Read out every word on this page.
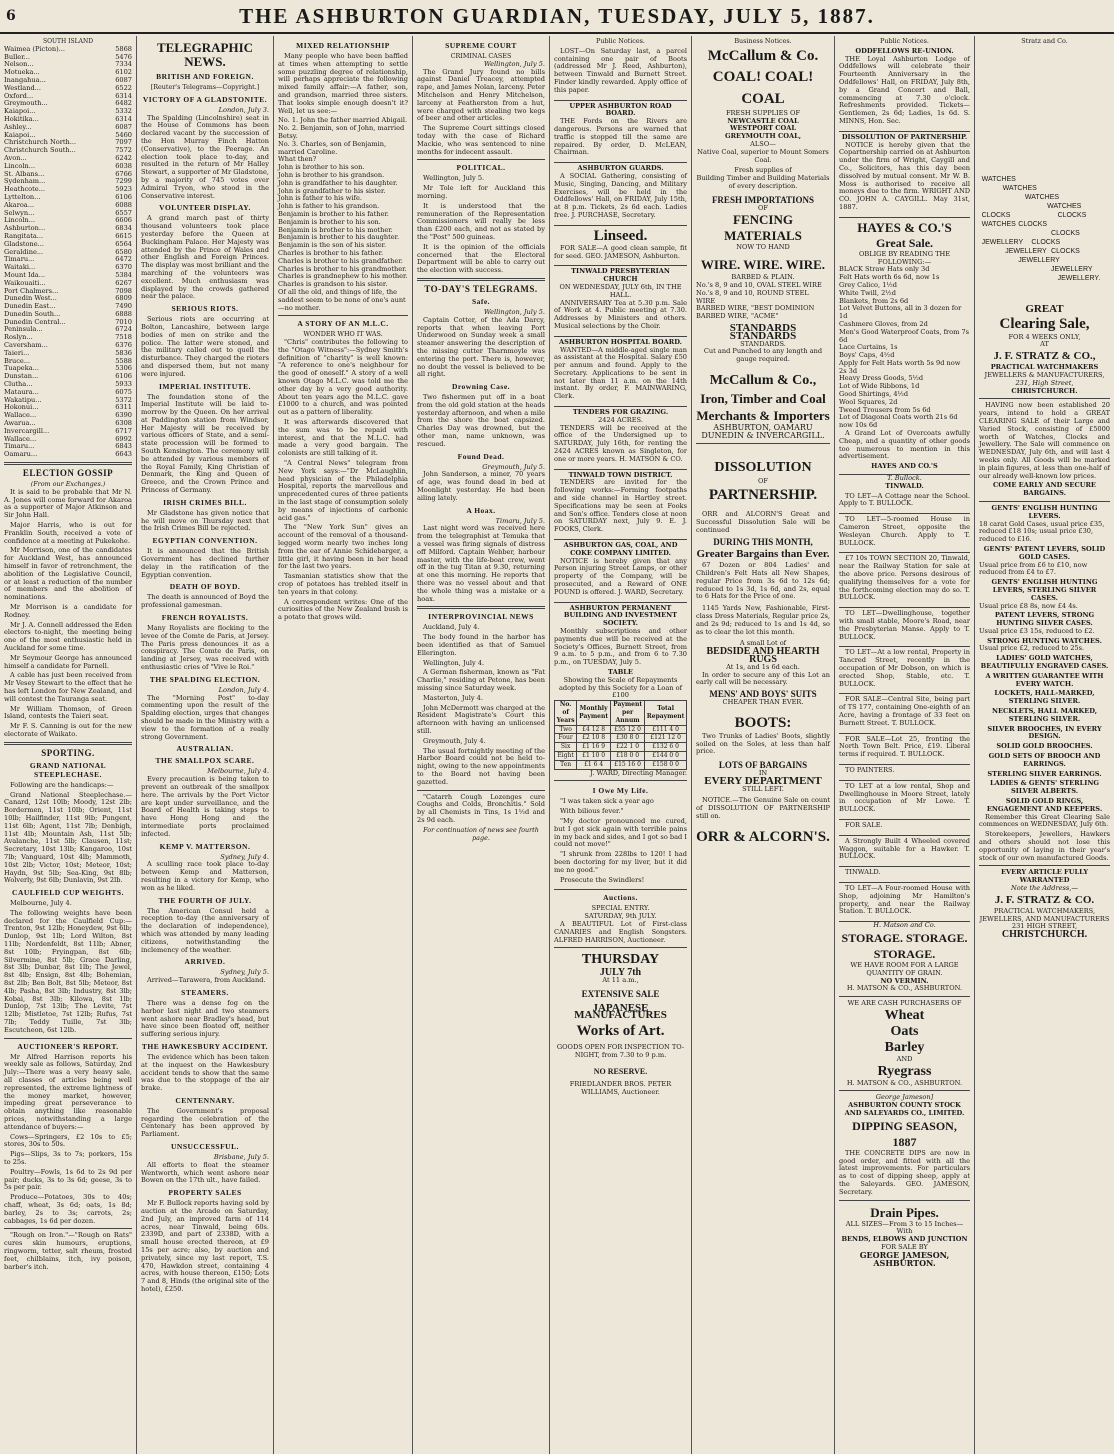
6	THE ASHBURTON GUARDIAN, TUESDAY, JULY 5, 1887.
SOUTH ISLAND
Waimea (Picton)...	5868
Buller...	5476
Nelson...	7334
Motueka...	6102
Inangahua...	6087
Westland...	6522
Oxford...	6314
Greymouth...	6482
Kaiapoi...	5332
Hokitika...	6314
Ashley...	6087
Kaiapoi...	5460
Christchurch North...	7097
Christchurch South...	7572
Avon...	6242
Lincoln...	6038
St. Albans...	6766
Sydenham...	7299
Heathcote...	5923
Lyttelton...	6106
Akaroa...	6088
Selwyn...	6557
Lincoln...	6606
Ashburton...	6834
Rangitata...	6615
Gladstone...	6564
Geraldine...	6580
Timaru...	6472
Waitaki...	6370
Mount Ida...	5384
Waikouaiti...	6267
Port Chalmers...	7098
Dunedin West...	6809
Dunedin East...	7490
Dunedin South...	6888
Dunedin Central...	7010
Peninsula...	6724
Roslyn...	7518
Caversham...	6376
Taieri...	5836
Bruce...	5588
Tuapeka...	5306
Dunstan...	6106
Clutha...	5933
Mataura...	6075
Wakatipu...	5372
Hokonui...	6311
Wallace...	6390
Awarua...	6308
Invercargill...	6717
Wallace...	6992
Timaru...	6843
Oamaru...	6643
ELECTION GOSSIP
(From our Exchanges.)

It is said to be probable that Mr N. A. Jones will come forward for Akaroa as a supporter of Major Atkinson and Sir John Hall.

Major Harris, who is out for Franklin South, received a vote of confidence at a meeting at Pukekohe.

Mr Morrison, one of the candidates for Auckland West, has announced himself in favor of retrenchment, the abolition of the Legislative Council, or at least a reduction of the number of members and the abolition of nominations.

Mr Morrison is a candidate for Rodney.

Mr J. A. Connell addressed the Eden electors to-night, the meeting being one of the most enthusiastic held in Auckland for some time.

Mr Seymour George has announced himself a candidate for Parnell.

A cable has just been received from Mr Vesey Stewart to the effect that he has left London for New Zealand, and will contest the Tauranga seat.

Mr William Thomson, of Green Island, contests the Taieri seat.

Mr F. S. Canning is out for the new electorate of Waikato.

SPORTING.
GRAND NATIONAL STEEPLECHASE.

Following are the handicaps:—

Grand National Steeplechase.—Canard, 12st 10lb; Moody, 12st 2lb; Bordermen, 11st 10lb; Orient, 11st 10lb; Hailfinder, 11st 9lb; Pungent, 11st 6lb; Agent, 11st 7lb; Denbigh, 11st 4lb; Mountain Ash, 11st 5lb; Avalanche, 11st 5lb; Clausen, 11st; Secretary, 10st 13lb; Kangaroo, 10st 7lb; Vanguard, 10st 4lb; Mammoth, 10st 2lb; Victor, 10st; Meteor, 10st; Haydn, 9st 5lb; Sea-King, 9st 8lb; Wolverly, 9st 6lb; Dunlavin, 9st 2lb.

CAULFIELD CUP WEIGHTS.

Melbourne, July 4.

The following weights have been declared for the Caulfield Cup:—Trenton, 9st 12lb; Honeydew, 9st 6lb; Dunlop, 9st 1lb; Lord Wilton, 8st 11lb; Nordenfeldt, 8st 11lb; Abner, 8st 10lb; Fryingpan, 8st 6lb; Silvermine, 8st 5lb; Grace Darling, 8st 3lb; Dunbar, 8st 1lb; The Jewel, 8st 4lb; Ensign, 8st 4lb; Bohemian, 8st 2lb; Ben Bolt, 8st 5lb; Meteor, 8st 4lb; Pasha, 8st 3lb; Industry, 8st 3lb; Kobai, 8st 3lb; Kilowa, 8st 1lb; Dunlop, 7st 13lb; The Levite, 7st 12lb; Mistletoe, 7st 12lb; Rufus, 7st 7lb; Teddy Tuille, 7st 3lb; Escutcheon, 6st 12lb.

AUCTIONEER'S REPORT.

Mr Alfred Harrison reports his weekly sale as follows, Saturday, 2nd July:—There was a very heavy sale, all classes of articles being well represented, the extreme lightness of the money market, however, impeding great perseverance to obtain anything like reasonable prices, notwithstanding a large attendance of buyers:—

Cows—Springers, £2 10s to £5; stores, 30s to 50s.

Pigs—Slips, 3s to 7s; porkers, 15s to 25s.

Poultry—Fowls, 1s 6d to 2s 9d per pair; ducks, 3s to 3s 6d; geese, 3s to 5s per pair.

Produce—Potatoes, 30s to 40s; chaff, wheat, 3s 6d; oats, 1s 8d; barley, 2s to 3s; carrots, 2s; cabbages, 1s 6d per dozen.

"Rough on Iron."—"Rough on Rats" cures skin humours, eruptions, ringworm, tetter, salt rheum, frosted feet, chilblains, itch, ivy poison, barber's itch.

TELEGRAPHIC NEWS.
BRITISH AND FOREIGN.
[Reuter's Telegrams—Copyright.]
VICTORY OF A GLADSTONITE.
London, July 3.

The Spalding (Lincolnshire) seat in the House of Commons has been declared vacant by the succession of the Hon Murray Finch Hatton (Conservative), to the Peerage. An election took place to-day, and resulted in the return of Mr Halley Stewart, a supporter of Mr Gladstone, by a majority of 745 votes over Admiral Tryon, who stood in the Conservative interest.

VOLUNTEER DISPLAY.

A grand march past of thirty thousand volunteers took place yesterday before the Queen at Buckingham Palace. Her Majesty was attended by the Prince of Wales and other English and Foreign Princes. The display was most brilliant and the marching of the volunteers was excellent. Much enthusiasm was displayed by the crowds gathered near the palace.

SERIOUS RIOTS.

Serious riots are occurring at Bolton, Lancashire, between large bodies of men on strike and the police. The latter were stoned, and the military called out to quell the disturbance. They charged the rioters and dispersed them, but not many were injured.

IMPERIAL INSTITUTE.

The foundation stone of the Imperial Institute will be laid to-morrow by the Queen. On her arrival at Paddington station from Windsor, Her Majesty will be received by various officers of State, and a semi-state procession will be formed to South Kensington. The ceremony will be attended by various members of the Royal Family, King Christian of Denmark, the King and Queen of Greece, and the Crown Prince and Princess of Germany.

IRISH CRIMES BILL.

Mr Gladstone has given notice that he will move on Thursday next that the Irish Crimes Bill be rejected.

EGYPTIAN CONVENTION.

It is announced that the British Government has declined further delay in the ratification of the Egyptian convention.

DEATH OF BOYD.

The death is announced of Boyd the professional gamesman.

FRENCH ROYALISTS.

Many Royalists are flocking to the levee of the Comte de Paris, at Jersey. The Paris press denounces it as a conspiracy. The Comte de Paris, on landing at Jersey, was received with enthusiastic cries of "Vive le Roi."

THE SPALDING ELECTION.
London, July 4.

The "Morning Post" to-day commenting upon the result of the Spalding election, urges that changes should be made in the Ministry with a view to the formation of a really strong Government.

AUSTRALIAN.
THE SMALLPOX SCARE.
Melbourne, July 4.

Every precaution is being taken to prevent an outbreak of the smallpox here. The arrivals by the Port Victor are kept under surveillance, and the Board of Health is taking steps to have Hong Hong and the intermediate ports proclaimed infected.

KEMP V. MATTERSON.
Sydney, July 4.

A sculling race took place to-day between Kemp and Matterson, resulting in a victory for Kemp, who won as he liked.

THE FOURTH OF JULY.

The American Consul held a reception to-day (the anniversary of the declaration of independence), which was attended by many leading citizens, notwithstanding the inclemency of the weather.

ARRIVED.
Sydney, July 5.

Arrived—Tarawera, from Auckland.

STEAMERS.

There was a dense fog on the harbor last night and two steamers went ashore near Bradley's head, but have since been floated off, neither suffering serious injury.

THE HAWKESBURY ACCIDENT.

The evidence which has been taken at the inquest on the Hawkesbury accident tends to show that the same was due to the stoppage of the air brake.

CENTENNARY.

The Government's proposal regarding the celebration of the Centenary has been approved by Parliament.

UNSUCCESSFUL.
Brisbane, July 5.

All efforts to float the steamer Wentworth, which went ashore near Bowen on the 17th ult., have failed.

PROPERTY SALES

Mr F. Bullock reports having sold by auction at the Arcade on Saturday, 2nd July, an improved farm of 114 acres, near Tinwald, being 60s. 2339D, and part of 2338D, with a small house erected thereon, at £9 15s per acre; also, by auction and privately, since my last report, T.S. 470, Hawkdon street, containing 4 acres, with house thereon, £150; Lots 7 and 8, Hinds (the original site of the hotel), £250.

MIXED RELATIONSHIP

Many people who have been baffled at times when attempting to settle some puzzling degree of relationship, will perhaps appreciate the following mixed family affair:—A father, son, and grandson, married three sisters. That looks simple enough doesn't it? Well, let us see:—

No. 1. John the father married Abigail.
No. 2. Benjamin, son of John, married Betsy.
No. 3. Charles, son of Benjamin, married Caroline.
What then?
John is brother to his son.
John is brother to his grandson.
John is grandfather to his daughter.
John is grandfather to his sister.
John is father to his wife.
John is father to his grandson.
Benjamin is brother to his father.
Benjamin is brother to his son.
Benjamin is brother to his mother.
Benjamin is brother to his daughter.
Benjamin is the son of his sister.
Charles is brother to his father.
Charles is brother to his grandfather.
Charles is brother to his grandmother.
Charles is grandnephew to his mother.
Charles is grandson to his sister.
Of all the old, and things of life, the saddest seem to be none of one's aunt—no mother.
A STORY OF AN M.L.C.
WONDER WHO IT WAS.

"Chris" contributes the following to the "Otago Witness":—Sydney Smith's definition of "charity" is well known: "A reference to one's neighbour for the good of oneself." A story of a well known Otago M.L.C. was told me the other day by a very good authority. About ten years ago the M.L.C. gave £1000 to a church, and was pointed out as a pattern of liberality.

It was afterwards discovered that the sum was to be repaid with interest, and that the M.L.C. had made a very good bargain. The colonists are still talking of it.

"A Central News" telegram from New York says:—"Dr McLaughlin, head physician of the Philadelphia Hospital, reports the marvellous and unprecedented cures of three patients in the last stage of consumption solely by means of injections of carbonic acid gas."

The "New York Sun" gives an account of the removal of a thousand-legged worm nearly two inches long from the ear of Annie Schidebarger, a little girl, it having been in her head for the last two years.

Tasmanian statistics show that the crop of potatoes has trebled itself in ten years in that colony.

A correspondent writes: One of the curiosities of the New Zealand bush is a potato that grows wild.

SUPREME COURT
CRIMINAL CASES
Wellington, July 5.

The Grand Jury found no bills against Daniel Treacey, attempted rape, and James Nolan, larceny. Peter Mitchelson and Henry Mitchelson, larceny at Featherston from a hut, were charged with stealing two kegs of beer and other articles.

The Supreme Court sittings closed today with the case of Richard Mackie, who was sentenced to nine months for indecent assault.

POLITICAL.

Wellington, July 5.

Mr Tole left for Auckland this morning.

It is understood that the remuneration of the Representation Commissioners will really be less than £200 each, and not as stated by the "Post" 500 guineas.

It is the opinion of the officials concerned that the Electoral Department will be able to carry out the election with success.

TO-DAY'S TELEGRAMS.
Safe.
Wellington, July 5.

Captain Cotter, of the Ada Darcy, reports that when leaving Port Underwood on Sunday week a small steamer answering the description of the missing cutter Tharnmoyle was entering the port. There is, however, no doubt the vessel is believed to be all right.

Drowning Case.

Two fishermen put off in a boat from the old gold station at the heads yesterday afternoon, and when a mile from the shore the boat capsized. Charles Day was drowned, but the other man, name unknown, was rescued.

Found Dead.
Greymouth, July 5.

John Sanderson, a miner, 70 years of age, was found dead in bed at Moonlight yesterday. He had been ailing lately.

A Hoax.
Timaru, July 5.

Last night word was received here from the telegraphist at Temuka that a vessel was firing signals of distress off Milford. Captain Webber, harbour master, with the life-boat crew, went off in the tug Titan at 9.30, returning at one this morning. He reports that there was no vessel about and that the whole thing was a mistake or a hoax.

INTERPROVINCIAL NEWS

Auckland, July 4.

The body found in the harbor has been identified as that of Samuel Ellerington.

Wellington, July 4.

A German fisherman, known as "Fat Charlie," residing at Petone, has been missing since Saturday week.

Masterton, July 4.

John McDermott was charged at the Resident Magistrate's Court this afternoon with having an unlicensed still.

Greymouth, July 4.

The usual fortnightly meeting of the Harbor Board could not be held to-night, owing to the new appointments to the Board not having been gazetted.

"Catarrh Cough Lozenges cure Coughs and Colds, Bronchitis." Sold by all Chemists in Tins, 1s 1½d and 2s 9d each.

For continuation of news see fourth page.
Public Notices.

LOST—On Saturday last, a parcel containing one pair of Boots (addressed Mr J. Reed, Ashburton), between Tinwald and Burnett Street. Finder kindly rewarded. Apply office of this paper.

UPPER ASHBURTON ROAD BOARD.

THE Fords on the Rivers are dangerous. Persons are warned that traffic is stopped till the same are repaired. By order, D. McLEAN, Chairman.

ASHBURTON GUARDS.

A SOCIAL Gathering, consisting of Music, Singing, Dancing, and Military Exercises, will be held in the Oddfellows' Hall, on FRIDAY, July 15th, at 8 p.m. Tickets, 2s 6d each. Ladies free. J. PURCHASE, Secretary.

Linseed.

FOR SALE—A good clean sample, fit for seed. GEO. JAMESON, Ashburton.

TINWALD PRESBYTERIAN CHURCH
ON WEDNESDAY, JULY 6th, IN THE HALL.

ANNIVERSARY Tea at 5.30 p.m. Sale of Work at 4. Public meeting at 7.30. Addresses by Ministers and others. Musical selections by the Choir.

ASHBURTON HOSPITAL BOARD.

WANTED—A middle-aged single man as assistant at the Hospital. Salary £50 per annum and found. Apply to the Secretary. Applications to be sent in not later than 11 a.m. on the 14th instant. By order, F. MAINWARING, Clerk.

TENDERS FOR GRAZING.
2424 ACRES.

TENDERS will be received at the office of the Undersigned up to SATURDAY, July 16th, for renting the 2424 ACRES known as Singleton, for one or more years. H. MATSON & CO.

TINWALD TOWN DISTRICT.

TENDERS are invited for the following works:—Forming footpaths and side channel in Hartley street. Specifications may be seen at Fooks and Son's office. Tenders close at noon on SATURDAY next, July 9. E. J. FOOKS, Clerk.

ASHBURTON GAS, COAL, AND COKE COMPANY LIMITED.

NOTICE is hereby given that any Person injuring Street Lamps, or other property of the Company, will be prosecuted, and a Reward of ONE POUND is offered. J. WARD, Secretary.

ASHBURTON PERMANENT BUILDING AND INVESTMENT SOCIETY.

Monthly subscriptions and other payments due will be received at the Society's Offices, Burnett Street, from 9 a.m. to 5 p.m., and from 6 to 7.30 p.m., on TUESDAY, July 5.

TABLE
Showing the Scale of Repayments adopted by this Society for a Loan of £100
No. of Years	Monthly Payment	Payment per Annum	Total Repayment
Two	£4 12 8	£55 12 0	£111 4 0
Four	£2 10 8	£30 8 0	£121 12 0
Six	£1 16 9	£22 1 0	£132 6 0
Eight	£1 10 0	£18 0 0	£144 0 0
Ten	£1 6 4	£15 16 0	£158 0 0
J. WARD, Directing Manager.
I Owe My Life.

"I was taken sick a year ago

With bilious fever."

"My doctor pronounced me cured, but I got sick again with terrible pains in my back and sides, and I got so bad I could not move!"

"I shrunk from 228lbs to 120! I had been doctoring for my liver, but it did me no good."

Prosecute the Swindlers!

Auctions.
SPECIAL ENTRY.
SATURDAY, 9th JULY.

A BEAUTIFUL Lot of First-class CANARIES and English Songsters. ALFRED HARRISON, Auctioneer.

THURSDAY
JULY 7th
At 11 a.m.,
EXTENSIVE SALE
JAPANESE MANUFACTURES
Works of Art.
GOODS OPEN FOR INSPECTION TO-NIGHT, from 7.30 to 9 p.m.
NO RESERVE.
FRIEDLANDER BROS. PETER WILLIAMS, Auctioneer.
Business Notices.
McCallum & Co.
COAL! COAL! COAL
FRESH SUPPLIES OF
NEWCASTLE COAL
WESTPORT COAL
GREYMOUTH COAL,
ALSO—
Native Coal, superior to Mount Somers Coal.
Fresh supplies of
Building Timber and Building Materials of every description.
FRESH IMPORTATIONS
OF
FENCING MATERIALS
NOW TO HAND
WIRE. WIRE. WIRE.
BARBED & PLAIN.
No.'s 8, 9 and 10, OVAL STEEL WIRE
No.'s 8, 9 and 10, ROUND STEEL WIRE
BARBED WIRE, "BEST DOMINION
BARBED WIRE, "ACME"
STANDARDS STANDARDS
STANDARDS.
Cut and Punched to any length and gauge required.
McCallum & Co.,
Iron, Timber and Coal
Merchants & Importers
ASHBURTON, OAMARU
DUNEDIN & INVERCARGILL.
DISSOLUTION
OF
PARTNERSHIP.

ORR and ALCORN'S Great and Successful Dissolution Sale will be continued

DURING THIS MONTH,
Greater Bargains than Ever.

67 Dozen or 804 Ladies' and Children's Felt Hats all New Shapes, regular Price from 3s 6d to 12s 6d; reduced to 1s 3d, 1s 6d, and 2s, equal to 6 Hats for the Price of one.

1145 Yards New, Fashionable, First-class Dress Materials, Regular price 2s, and 2s 9d; reduced to 1s and 1s 4d, so as to clear the lot this month.

A small Lot of
BEDSIDE AND HEARTH RUGS
At 1s, and 1s 6d each.

In order to secure any of this Lot an early call will be necessary.

MENS' AND BOYS' SUITS
CHEAPER THAN EVER.
BOOTS:

Two Trunks of Ladies' Boots, slightly soiled on the Soles, at less than half price.

LOTS OF BARGAINS
IN
EVERY DEPARTMENT
STILL LEFT.

NOTICE.—The Genuine Sale on count of DISSOLUTION OF PARTNERSHIP still on.

ORR & ALCORN'S.
Public Notices.
ODDFELLOWS RE-UNION.

THE Loyal Ashburton Lodge of Oddfellows will celebrate their Fourteenth Anniversary in the Oddfellows' Hall, on FRIDAY, July 8th, by a Grand Concert and Ball, commencing at 7.30 o'clock. Refreshments provided. Tickets—Gentlemen, 2s 6d; Ladies, 1s 6d. S. MINNS, Hon. Sec.

DISSOLUTION OF PARTNERSHIP.

NOTICE is hereby given that the Copartnership carried on at Ashburton under the firm of Wright, Caygill and Co., Solicitors, has this day been dissolved by mutual consent. Mr W. B. Moss is authorised to receive all moneys due to the firm. WRIGHT AND CO. JOHN A. CAYGILL. May 31st, 1887.

HAYES & CO.'S
Great Sale.
OBLIGE BY READING THE FOLLOWING:—
BLACK Straw Hats only 3d
Felt Hats worth 6s 6d, now 1s
Grey Calico, 1½d
White Twill, 2½d
Blankets, from 2s 6d
Lot Velvet Buttons, all in 3 dozen for 1d
Cashmere Gloves, from 2d
Men's Good Waterproof Coats, from 7s 6d
Lace Curtains, 1s
Boys' Caps, 4½d
Apply for Felt Hats worth 5s 9d now 2s 3d
Heavy Dress Goods, 5½d
Lot of Wide Ribbons, 1d
Good Shirtings, 4½d
Wool Squares, 2d
Tweed Trousers from 5s 6d
Lot of Diagonal Coats worth 21s 6d now 10s 6d

A Grand Lot of Overcoats awfully Cheap, and a quantity of other goods too numerous to mention in this advertisement.

HAYES AND CO.'S
T. Bullock.
TINWALD.

TO LET—A Cottage near the School. Apply to T. BULLOCK.

TO LET—5-roomed House in Cameron Street, opposite the Wesleyan Church. Apply to T. BULLOCK.

£7 10s TOWN SECTION 20, Tinwald, near the Railway Station for sale at the above price. Persons desirous of qualifying themselves for a vote for the forthcoming election may do so. T. BULLOCK.

TO LET—Dwellinghouse, together with small stable, Moore's Road, near the Presbyterian Manse. Apply to T. BULLOCK.

TO LET—At a low rental, Property in Tancred Street, recently in the occupation of Mr Dobson, on which is erected Shop, Stable, etc. T. BULLOCK.

FOR SALE—Central Site, being part of TS 177, containing One-eighth of an Acre, having a frontage of 33 feet on Burnett Street. T. BULLOCK.

FOR SALE—Lot 25, fronting the North Town Belt. Price, £19. Liberal terms if required. T. BULLOCK.

TO PAINTERS.

TO LET at a low rental, Shop and Dwellinghouse in Moore Street, lately in occupation of Mr Lowe. T. BULLOCK.

FOR SALE.

A Strongly Built 4 Wheeled covered Waggon, suitable for a Hawker. T. BULLOCK.

TINWALD.

TO LET—A Four-roomed House with Shop, adjoining Mr Hamilton's property, and near the Railway Station. T. BULLOCK.

H. Matson and Co.
STORAGE. STORAGE.
STORAGE.
WE HAVE ROOM FOR A LARGE QUANTITY OF GRAIN.
NO VERMIN.
H. MATSON & CO., ASHBURTON.
WE ARE CASH PURCHASERS OF
Wheat
Oats
Barley
AND
Ryegrass
H. MATSON & CO., ASHBURTON.
George Jameson]
ASHBURTON COUNTY STOCK AND SALEYARDS CO., LIMITED.
DIPPING SEASON, 1887

THE CONCRETE DIPS are now in good order, and fitted with all the latest improvements. For particulars as to cost of dipping sheep, apply at the Saleyards. GEO. JAMESON, Secretary.

Drain Pipes.
ALL SIZES—From 3 to 15 Inches—
With
BENDS, ELBOWS AND JUNCTION
FOR SALE BY
GEORGE JAMESON, ASHBURTON.
Stratz and Co.
WATCHES
WATCHES
WATCHES
WATCHES
CLOCKS	CLOCKS
WATCHES CLOCKS
CLOCKS
JEWELLERY CLOCKS
JEWELLERY CLOCKS
JEWELLERY
JEWELLERY
JEWELLERY.
GREAT
Clearing Sale,
FOR 4 WEEKS ONLY,
AT
J. F. STRATZ & CO.,
PRACTICAL WATCHMAKERS
JEWELLERS & MANUFACTURERS,
231, High Street,
CHRISTCHURCH.

HAVING now been established 20 years, intend to hold a GREAT CLEARING SALE of their Large and Varied Stock, consisting of £5000 worth of Watches, Clocks and Jewellery. The Sale will commence on WEDNESDAY, July 6th, and will last 4 weeks only. All Goods will be marked in plain figures, at less than one-half of our already well-known low prices.

COME EARLY AND SECURE BARGAINS.
GENTS' ENGLISH HUNTING LEVERS.
18 carat Gold Cases, usual price £35, reduced £18 10s; usual price £30, reduced to £16.
GENTS' PATENT LEVERS, SOLID GOLD CASES.
Usual price from £6 to £10, now reduced from £4 to £7.
GENTS' ENGLISH HUNTING LEVERS, STERLING SILVER CASES.
Usual price £8 8s, now £4 4s.
PATENT LEVERS, STRONG HUNTING SILVER CASES.
Usual price £3 15s, reduced to £2.
STRONG HUNTING WATCHES.
Usual price £2, reduced to 25s.
LADIES' GOLD WATCHES, BEAUTIFULLY ENGRAVED CASES.
A WRITTEN GUARANTEE WITH EVERY WATCH.
LOCKETS, HALL-MARKED, STERLING SILVER.
NECKLETS, HALL MARKED, STERLING SILVER.
SILVER BROOCHES, IN EVERY DESIGN.
SOLID GOLD BROOCHES.
GOLD SETS OF BROOCH AND EARRINGS.
STERLING SILVER EARRINGS.
LADIES & GENTS' STERLING SILVER ALBERTS.
SOLID GOLD RINGS, ENGAGEMENT AND KEEPERS.

Remember this Great Clearing Sale commences on WEDNESDAY, July 6th.

Storekeepers, Jewellers, Hawkers and others should not lose this opportunity of laying in their year's stock of our own manufactured Goods.

EVERY ARTICLE FULLY WARRANTED
Note the Address,—
J. F. STRATZ & CO.
PRACTICAL WATCHMAKERS, JEWELLERS, AND MANUFACTURERS
231 HIGH STREET,
CHRISTCHURCH.
